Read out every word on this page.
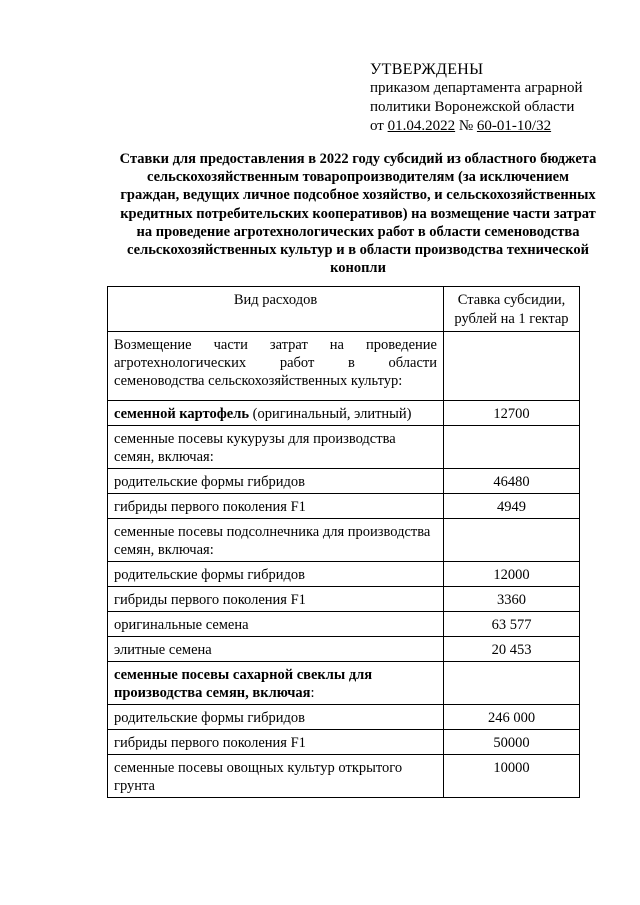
УТВЕРЖДЕНЫ
приказом департамента аграрной
политики Воронежской области
от 01.04.2022 № 60-01-10/32
Ставки для предоставления в 2022 году субсидий из областного бюджета
сельскохозяйственным товаропроизводителям (за исключением
граждан, ведущих личное подсобное хозяйство, и сельскохозяйственных
кредитных потребительских кооперативов) на возмещение части затрат
на проведение агротехнологических работ в области семеноводства
сельскохозяйственных культур и в области производства технической
конопли
Вид расходов	Ставка субсидии,
рублей на 1 гектар
Возмещение части затрат на проведение агротехнологических работ в области семеноводства сельскохозяйственных культур:	
семенной картофель (оригинальный, элитный)	12700
семенные посевы кукурузы для производства семян, включая:	
родительские формы гибридов	46480
гибриды первого поколения F1	4949
семенные посевы подсолнечника для производства семян, включая:	
родительские формы гибридов	12000
гибриды первого поколения F1	3360
оригинальные семена	63 577
элитные семена	20 453
семенные посевы сахарной свеклы для производства семян, включая:	
родительские формы гибридов	246 000
гибриды первого поколения F1	50000
семенные посевы овощных культур открытого грунта	10000
